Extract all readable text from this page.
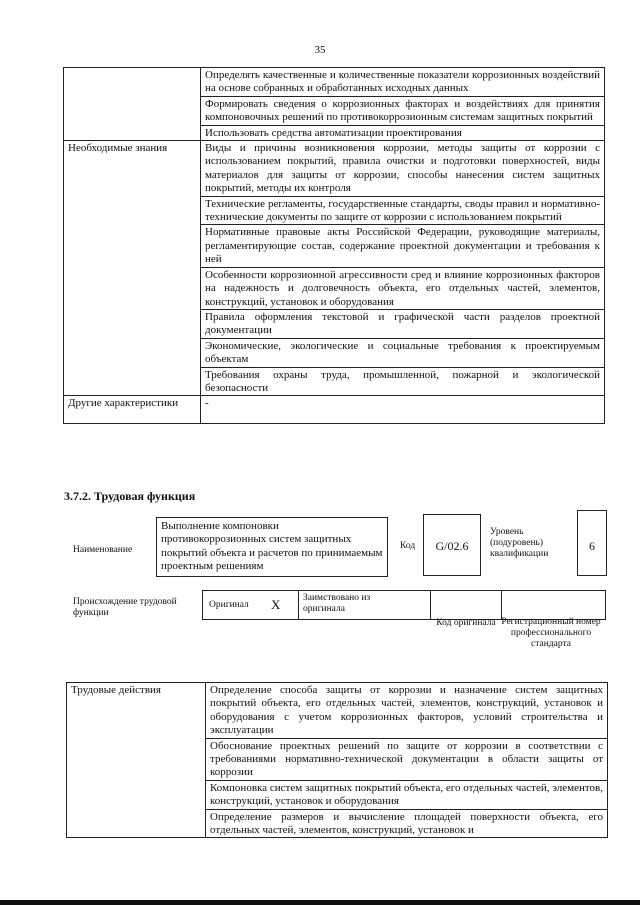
35
	Определять качественные и количественные показатели коррозионных воздействий на основе собранных и обработанных исходных данных
	Формировать сведения о коррозионных факторах и воздействиях для принятия компоновочных решений по противокоррозионным системам защитных покрытий
	Использовать средства автоматизации проектирования
Необходимые знания	Виды и причины возникновения коррозии, методы защиты от коррозии с использованием покрытий, правила очистки и подготовки поверхностей, виды материалов для защиты от коррозии, способы нанесения систем защитных покрытий, методы их контроля
	Технические регламенты, государственные стандарты, своды правил и нормативно-технические документы по защите от коррозии с использованием покрытий
	Нормативные правовые акты Российской Федерации, руководящие материалы, регламентирующие состав, содержание проектной документации и требования к ней
	Особенности коррозионной агрессивности сред и влияние коррозионных факторов на надежность и долговечность объекта, его отдельных частей, элементов, конструкций, установок и оборудования
	Правила оформления текстовой и графической части разделов проектной документации
	Экономические, экологические и социальные требования к проектируемым объектам
	Требования охраны труда, промышленной, пожарной и экологической безопасности
Другие характеристики	-
3.7.2. Трудовая функция
Наименование
Выполнение компоновки противокоррозионных систем защитных покрытий объекта и расчетов по принимаемым проектным решениям
Код	G/02.6
Уровень (подуровень) квалификации
6
Происхождение трудовой функции
Оригинал X Заимствовано из оригинала
Код оригинала Регистрационный номер профессионального стандарта
Трудовые действия	Определение способа защиты от коррозии и назначение систем защитных покрытий объекта, его отдельных частей, элементов, конструкций, установок и оборудования с учетом коррозионных факторов, условий строительства и эксплуатации
Обоснование проектных решений по защите от коррозии в соответствии с требованиями нормативно-технической документации в области защиты от коррозии
Компоновка систем защитных покрытий объекта, его отдельных частей, элементов, конструкций, установок и оборудования
Определение размеров и вычисление площадей поверхности объекта, его отдельных частей, элементов, конструкций, установок и
